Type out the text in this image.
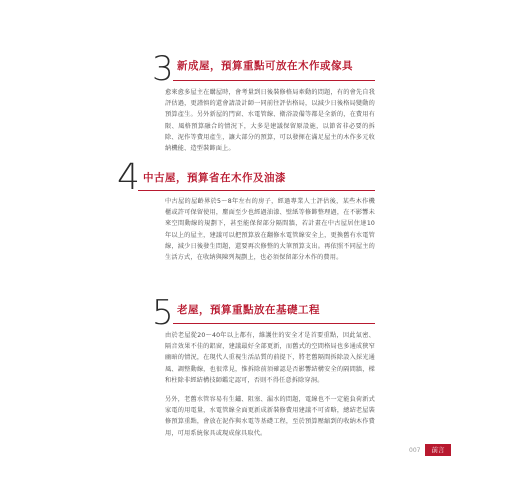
3 新成屋，預算重點可放在木作或傢具
愈來愈多屋主在購屋時，會考量到日後裝修格局牽動的問題，有的會先自我評估過，更謹慎的還會請設計師一同前往評估格局，以減少日後格局變動的預算產生。另外新屋的門窗、水電管線、衛浴設備等都是全新的，在費用有限、風格預算融合的情況下，大多是建議保留原設施，以節省非必要的拆除、泥作等費用產生，讓大部分的預算，可以發揮在滿足屋主的木作多元收納機能、造型裝飾面上。
4 中古屋，預算省在木作及油漆
中古屋的屋齡界於5～8年左右的房子，經過專業人士評估後，某些木作機櫃或許可保留使用，塵面至少也經過油漆、壁紙等修飾整理過，在不影響未來空間動線的規劃下，甚至能保留部分隔間牆，若計畫在中古屋居住達10年以上的屋主，建議可以把預算放在翻修水電管線安全上，更換舊有水電管線，減少日後發生問題，還要再次修整的大筆預算支出。再依照不同屋主的生活方式，在收納與陳列規劃上，也必須保留部分木作的費用。
5 老屋，預算重點放在基礎工程
由於老屋從20～40年以上都有，維護住的安全才是首要重點，因此氣密、隔音效果不佳的鋁窗，建議最好全部更新，而舊式的空間格局也多通成狹窄幽暗的情況，在現代人重視生活品質的前提下，將老舊隔間拆除設入採光通風、調整動線，也很常見，惟拆除前須確認是否影響結構安全的隔間牆，樑和柱除非經結構技師鑑定認可，否則不得任意拆除穿洞。
另外，老舊水管容易有生鏽、阻塞、漏水的問題，電線也不一定能負荷新式家電的用電量，水電管線全面更新成新裝修費用建議不可省略，總結老屋裝修預算重點，會放在泥作與水電等基礎工程，至於預算壓縮到的收納木作費用，可用系統傢具或現成傢具取代。
007	前言
